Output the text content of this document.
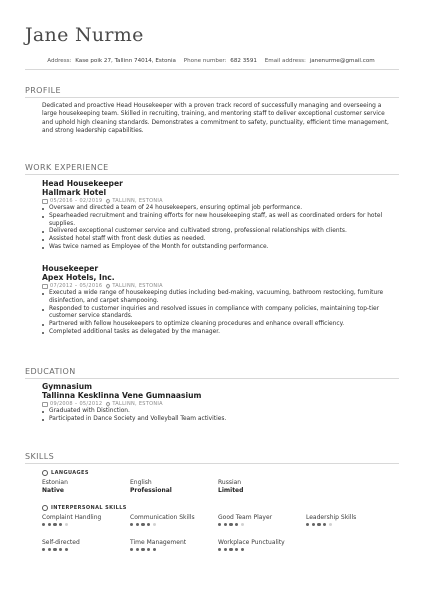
Jane Nurme
Address: Kase poik 27, Tallinn 74014, Estonia Phone number: 682 3591 Email address: janenurme@gmail.com
PROFILE
Dedicated and proactive Head Housekeeper with a proven track record of successfully managing and overseeing a large housekeeping team. Skilled in recruiting, training, and mentoring staff to deliver exceptional customer service and uphold high cleaning standards. Demonstrates a commitment to safety, punctuality, efficient time management, and strong leadership capabilities.
WORK EXPERIENCE
Head Housekeeper
Hallmark Hotel
05/2016 – 02/2019 TALLINN, ESTONIA
Oversaw and directed a team of 24 housekeepers, ensuring optimal job performance.
Spearheaded recruitment and training efforts for new housekeeping staff, as well as coordinated orders for hotel supplies.
Delivered exceptional customer service and cultivated strong, professional relationships with clients.
Assisted hotel staff with front desk duties as needed.
Was twice named as Employee of the Month for outstanding performance.
Housekeeper
Apex Hotels, Inc.
07/2012 – 05/2016 TALLINN, ESTONIA
Executed a wide range of housekeeping duties including bed-making, vacuuming, bathroom restocking, furniture disinfection, and carpet shampooing.
Responded to customer inquiries and resolved issues in compliance with company policies, maintaining top-tier customer service standards.
Partnered with fellow housekeepers to optimize cleaning procedures and enhance overall efficiency.
Completed additional tasks as delegated by the manager.
EDUCATION
Gymnasium
Tallinna Kesklinna Vene Gumnaasium
09/2008 – 05/2012 TALLINN, ESTONIA
Graduated with Distinction.
Participated in Dance Society and Volleyball Team activities.
SKILLS
LANGUAGES
Estonian
Native
English
Professional
Russian
Limited
INTERPERSONAL SKILLS
Complaint Handling	Communication Skills	Good Team Player	Leadership Skills
Self-directed	Time Management	Workplace Punctuality
